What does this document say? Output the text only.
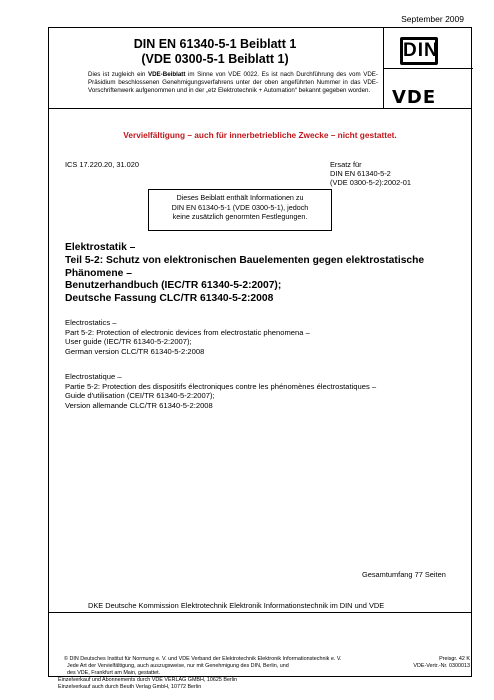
September 2009
DIN EN 61340-5-1 Beiblatt 1
(VDE 0300-5-1 Beiblatt 1)
Dies ist zugleich ein VDE-Beiblatt im Sinne von VDE 0022. Es ist nach Durchführung des vom VDE-Präsidium beschlossenen Genehmigungsverfahrens unter der oben angeführten Nummer in das VDE-Vorschriftenwerk aufgenommen und in der „etz Elektrotechnik + Automation“ bekannt gegeben worden.
DIN
VDE
Vervielfältigung – auch für innerbetriebliche Zwecke – nicht gestattet.
ICS 17.220.20, 31.020	Ersatz für
DIN EN 61340-5-2
(VDE 0300-5-2):2002-01
Dieses Beiblatt enthält Informationen zu
DIN EN 61340-5-1 (VDE 0300-5-1), jedoch
keine zusätzlich genormten Festlegungen.
Elektrostatik –
Teil 5-2: Schutz von elektronischen Bauelementen gegen elektrostatische
Phänomene –
Benutzerhandbuch (IEC/TR 61340-5-2:2007);
Deutsche Fassung CLC/TR 61340-5-2:2008
Electrostatics –
Part 5-2: Protection of electronic devices from electrostatic phenomena –
User guide (IEC/TR 61340-5-2:2007);
German version CLC/TR 61340-5-2:2008
Electrostatique –
Partie 5-2: Protection des dispositifs électroniques contre les phénomènes électrostatiques –
Guide d'utilisation (CEI/TR 61340-5-2:2007);
Version allemande CLC/TR 61340-5-2:2008
Gesamtumfang 77 Seiten
DKE Deutsche Kommission Elektrotechnik Elektronik Informationstechnik im DIN und VDE
© DIN Deutsches Institut für Normung e. V. und VDE Verband der Elektrotechnik Elektronik Informationstechnik e. V.
Jede Art der Vervielfältigung, auch auszugsweise, nur mit Genehmigung des DIN, Berlin, und
des VDE, Frankfurt am Main, gestattet.
Einzelverkauf und Abonnements durch VDE VERLAG GMBH, 10625 Berlin
Einzelverkauf auch durch Beuth Verlag GmbH, 10772 Berlin
Preisgr. 42 K
VDE-Vertr.-Nr. 0300013
